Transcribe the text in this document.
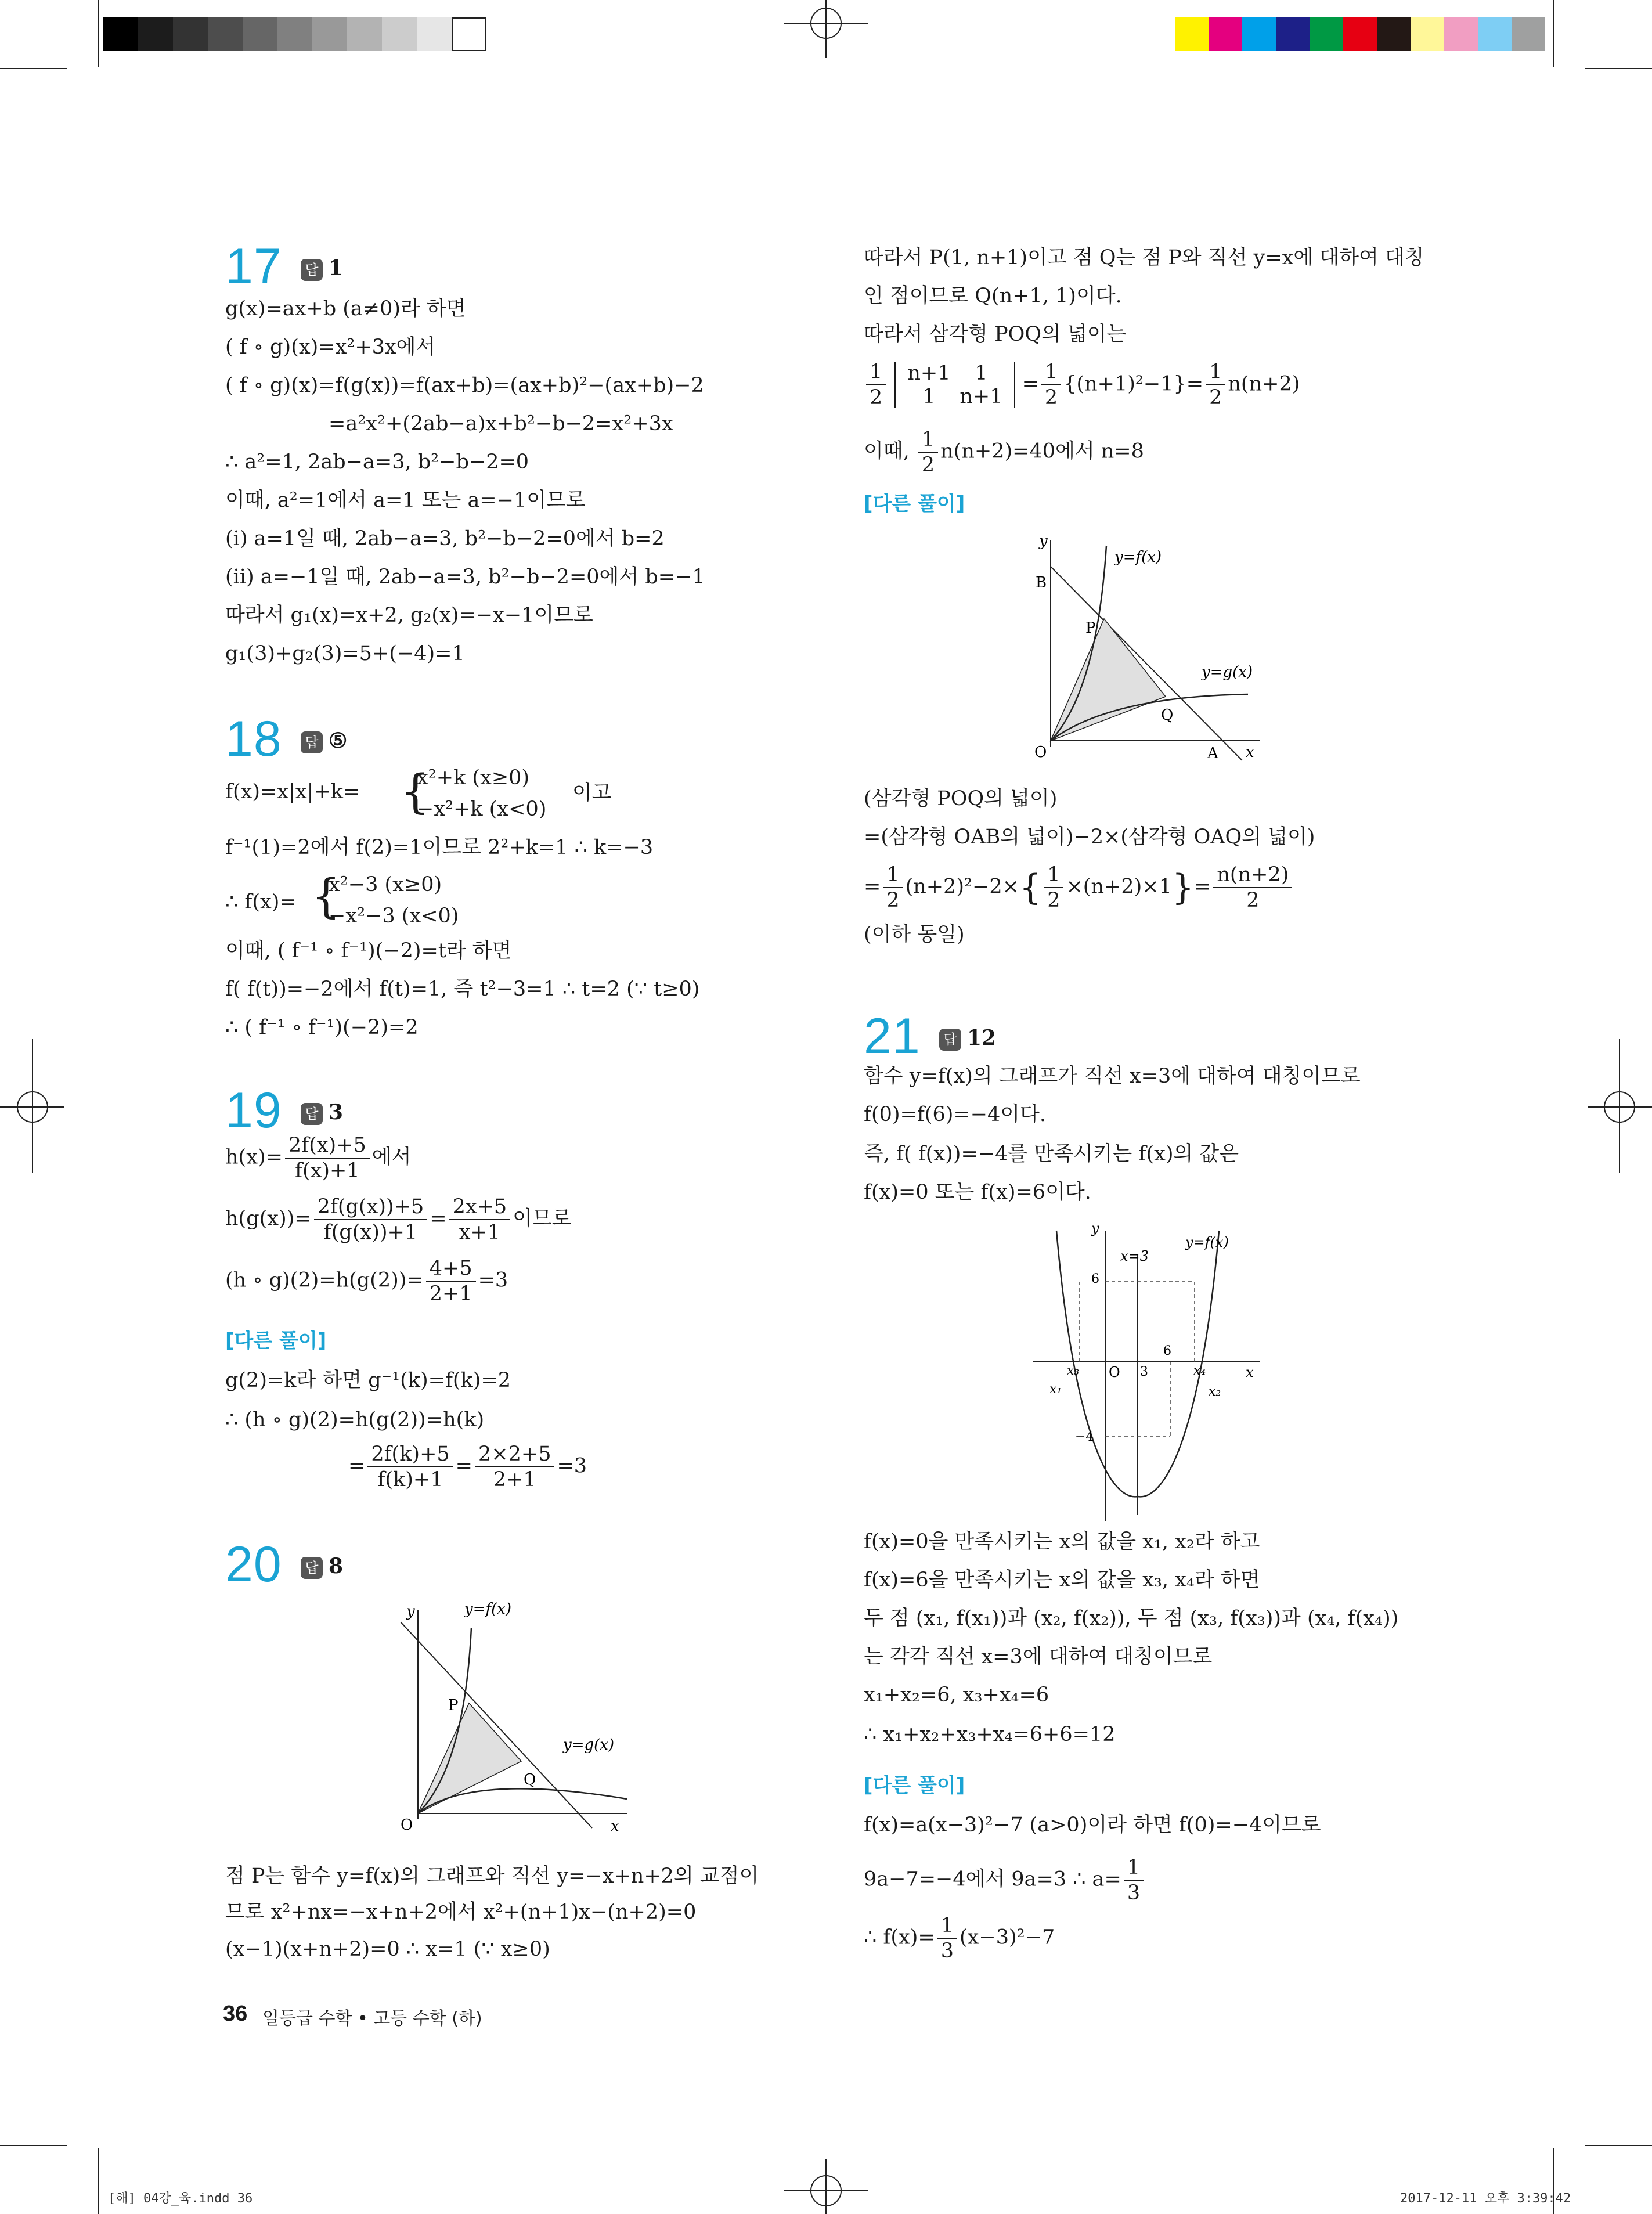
17	답 1
g(x)=ax+b (a≠0)라 하면
( f ∘ g)(x)=x²+3x에서
( f ∘ g)(x)=f(g(x))=f(ax+b)=(ax+b)²−(ax+b)−2
=a²x²+(2ab−a)x+b²−b−2=x²+3x
∴ a²=1, 2ab−a=3, b²−b−2=0
이때, a²=1에서 a=1 또는 a=−1이므로
(ⅰ) a=1일 때, 2ab−a=3, b²−b−2=0에서 b=2
(ⅱ) a=−1일 때, 2ab−a=3, b²−b−2=0에서 b=−1
따라서 g₁(x)=x+2, g₂(x)=−x−1이므로
g₁(3)+g₂(3)=5+(−4)=1
18	답 ⑤
f(x)=x|x|+k= {
x²+k (x≥0)
−x²+k (x<0)
이고
f⁻¹(1)=2에서 f(2)=1이므로 2²+k=1 ∴ k=−3
∴ f(x)= {
x²−3 (x≥0)
−x²−3 (x<0)
이때, ( f⁻¹ ∘ f⁻¹)(−2)=t라 하면
f( f(t))=−2에서 f(t)=1, 즉 t²−3=1 ∴ t=2 (∵ t≥0)
∴ ( f⁻¹ ∘ f⁻¹)(−2)=2
19	답 3
$h(x)= \frac{2f(x)+5}{f(x)+1}$ 에서
$h(g(x))= \frac{2f(g(x))+5}{f(g(x))+1} = \frac{2x+5}{x+1}$ 이므로
(h ∘ $g)(2)=h(g(2))= \frac{4+5}{2+1} =3$
[다른 풀이]
g(2)=k라 하면 g⁻¹(k)=f(k)=2
∴ (h ∘ g)(2)=h(g(2))=h(k)
= $\frac{2f(k)+5}{f(k)+1} = \frac{2\times 2+5}{2+1} =3$
20	답 8
y	y=f(x)
y=g(x)
P
Q
O	x
점 P는 함수 y=f(x)의 그래프와 직선 y=−x+n+2의 교점이
므로 x²+nx=−x+n+2에서 x²+(n+1)x−(n+2)=0
(x−1)(x+n+2)=0 ∴ x=1 (∵ x≥0)
따라서 P(1, n+1)이고 점 Q는 점 P와 직선 y=x에 대하여 대칭
인 점이므로 Q(n+1, 1)이다.
따라서 삼각형 POQ의 넓이는
$\frac{1}{2} n+1$ 1
1 $n+1 = \frac{1}{2} \{(n+1)^2-1\}= \frac{1}{2} n(n+2)$
이때, $\frac{1}{2} n(n+2)=40$에서 n=8
[다른 풀이]
y
y=f(x)
y=g(x)
B
P
Q
O	A x
(삼각형 POQ의 넓이)
=(삼각형 OAB의 넓이)−2×(삼각형 OAQ의 넓이)
= $\frac{1}{2} (n+2)^2-2\times\{ \frac{1}{2} \times(n+2)\times 1\}= \frac{n(n+2)}{2}$
(이하 동일)
21	답 12
함수 y=f(x)의 그래프가 직선 x=3에 대하여 대칭이므로
f(0)=f(6)=−4이다.
즉, f( f(x))=−4를 만족시키는 f(x)의 값은
f(x)=0 또는 f(x)=6이다.
y
x=3
y=f(x)
6
6
3
O	x
x₁	x₂
x₃	x₄
−4
f(x)=0을 만족시키는 x의 값을 x₁, x₂라 하고
f(x)=6을 만족시키는 x의 값을 x₃, x₄라 하면
두 점 (x₁, f(x₁))과 (x₂, f(x₂)), 두 점 (x₃, f(x₃))과 (x₄, f(x₄))
는 각각 직선 x=3에 대하여 대칭이므로
x₁+x₂=6, x₃+x₄=6
∴ x₁+x₂+x₃+x₄=6+6=12
[다른 풀이]
f(x)=a(x−3)²−7 (a>0)이라 하면 f(0)=−4이므로
9a−7=−4에서 9a=3 ∴ $a= \frac{1}{3}$
∴ $f(x)= \frac{1}{3} (x-3)^2-7$
36 일등급 수학 • 고등 수학 (하)
[해] 04강_육.indd 36	2017-12-11 오후 3:39:42
